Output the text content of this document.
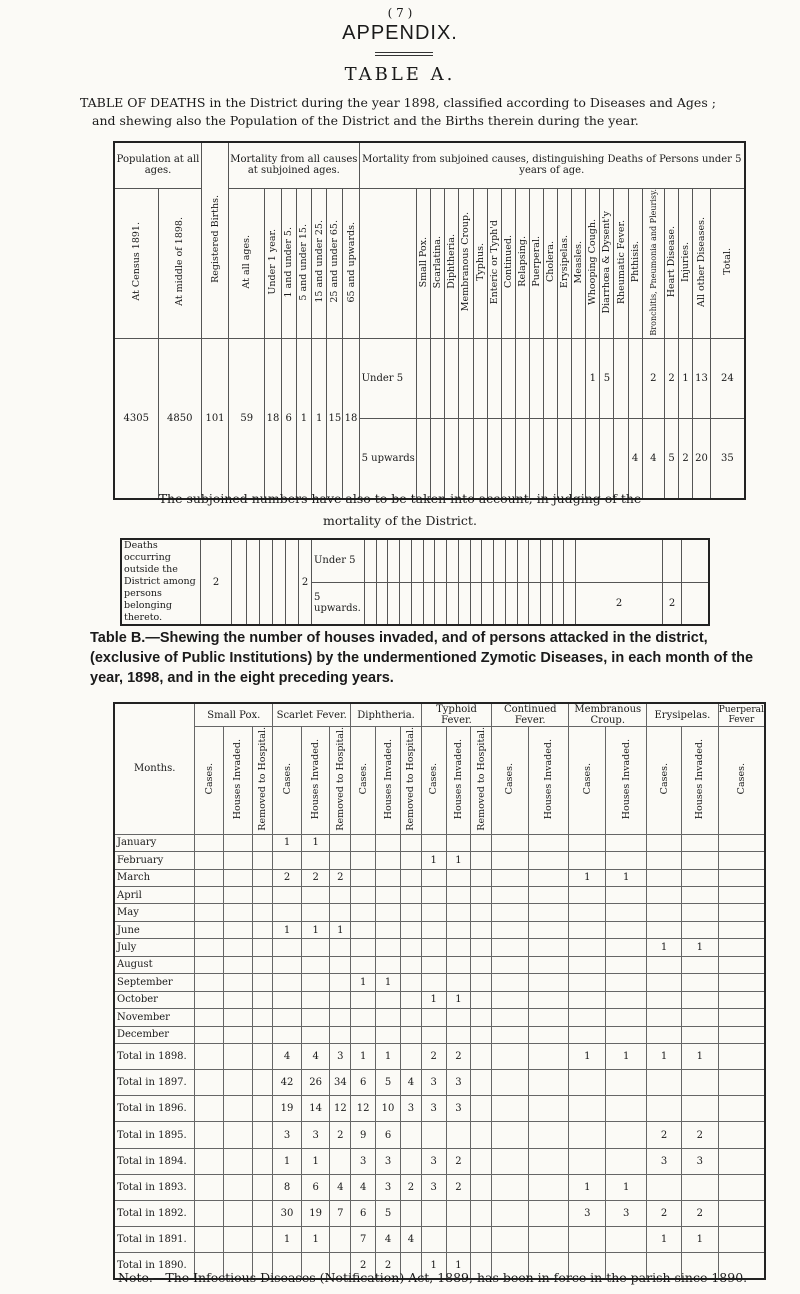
( 7 )
APPENDIX.
TABLE A.
TABLE OF DEATHS in the District during the year 1898, classified according to Diseases and Ages ;
and shewing also the Population of the District and the Births therein during the year.
Population at all ages.		Registered Births.	Mortality from all causes at subjoined ages.							Mortality from subjoined causes, distinguishing Deaths of Persons under 5 years of age.																					
At Census 1891.	At middle of 1898.		At all ages.	Under 1 year.	1 and under 5.	5 and under 15.	15 and under 25.	25 and under 65.	65 and upwards.		Small Pox.	Scarlatina.	Diphtheria.	Membranous Croup.	Typhus.	Enteric or Typh'd	Continued.	Relapsing.	Puerperal.	Cholera.	Erysipelas.	Measles.	Whooping Cough.	Diarrhœa & Dysent'y	Rheumatic Fever.	Phthisis.	Bronchitis, Pneumonia and Pleurisy.	Heart Disease.	Injuries.	All other Diseases.	Total.
4305	4850	101	59	18	6	1	1	15	18	Under 5													1	5			2	2	1	13	24
										5 upwards																4	4	5	2	20	35
The subjoined numbers have also to be taken into account, in judging of the
mortality of the District.
Deaths occurring outside the District among persons belonging thereto.	2						2	Under 5																					
								5 upwards.																			2	2	
Table B.—Shewing the number of houses invaded, and of persons attacked in the district, (exclusive of Public Institutions) by the undermentioned Zymotic Diseases, in each month of the year, 1898, and in the eight preceding years.
Months.	Small Pox.			Scarlet Fever.			Diphtheria.			Typhoid Fever.			Continued Fever.		Membranous Croup.		Erysipelas.		Puerperal Fever
	Cases.	Houses Invaded.	Removed to Hospital.	Cases.	Houses Invaded.	Removed to Hospital.	Cases.	Houses Invaded.	Removed to Hospital.	Cases.	Houses Invaded.	Removed to Hospital.	Cases.	Houses Invaded.	Cases.	Houses Invaded.	Cases.	Houses Invaded.	Cases.
January				1	1														
February										1	1								
March				2	2	2									1	1			
April																			
May																			
June				1	1	1													
July																	1	1	
August																			
September							1	1											
October										1	1								
November																			
December																			
Total in 1898.				4	4	3	1	1		2	2				1	1	1	1	
Total in 1897.				42	26	34	6	5	4	3	3								
Total in 1896.				19	14	12	12	10	3	3	3								
Total in 1895.				3	3	2	9	6									2	2	
Total in 1894.				1	1		3	3		3	2						3	3	
Total in 1893.				8	6	4	4	3	2	3	2				1	1			
Total in 1892.				30	19	7	6	5							3	3	2	2	
Total in 1891.				1	1		7	4	4								1	1	
Total in 1890.							2	2		1	1								
Note.—The Infectious Diseases (Notification) Act, 1889, has been in force in the parish since 1890.
